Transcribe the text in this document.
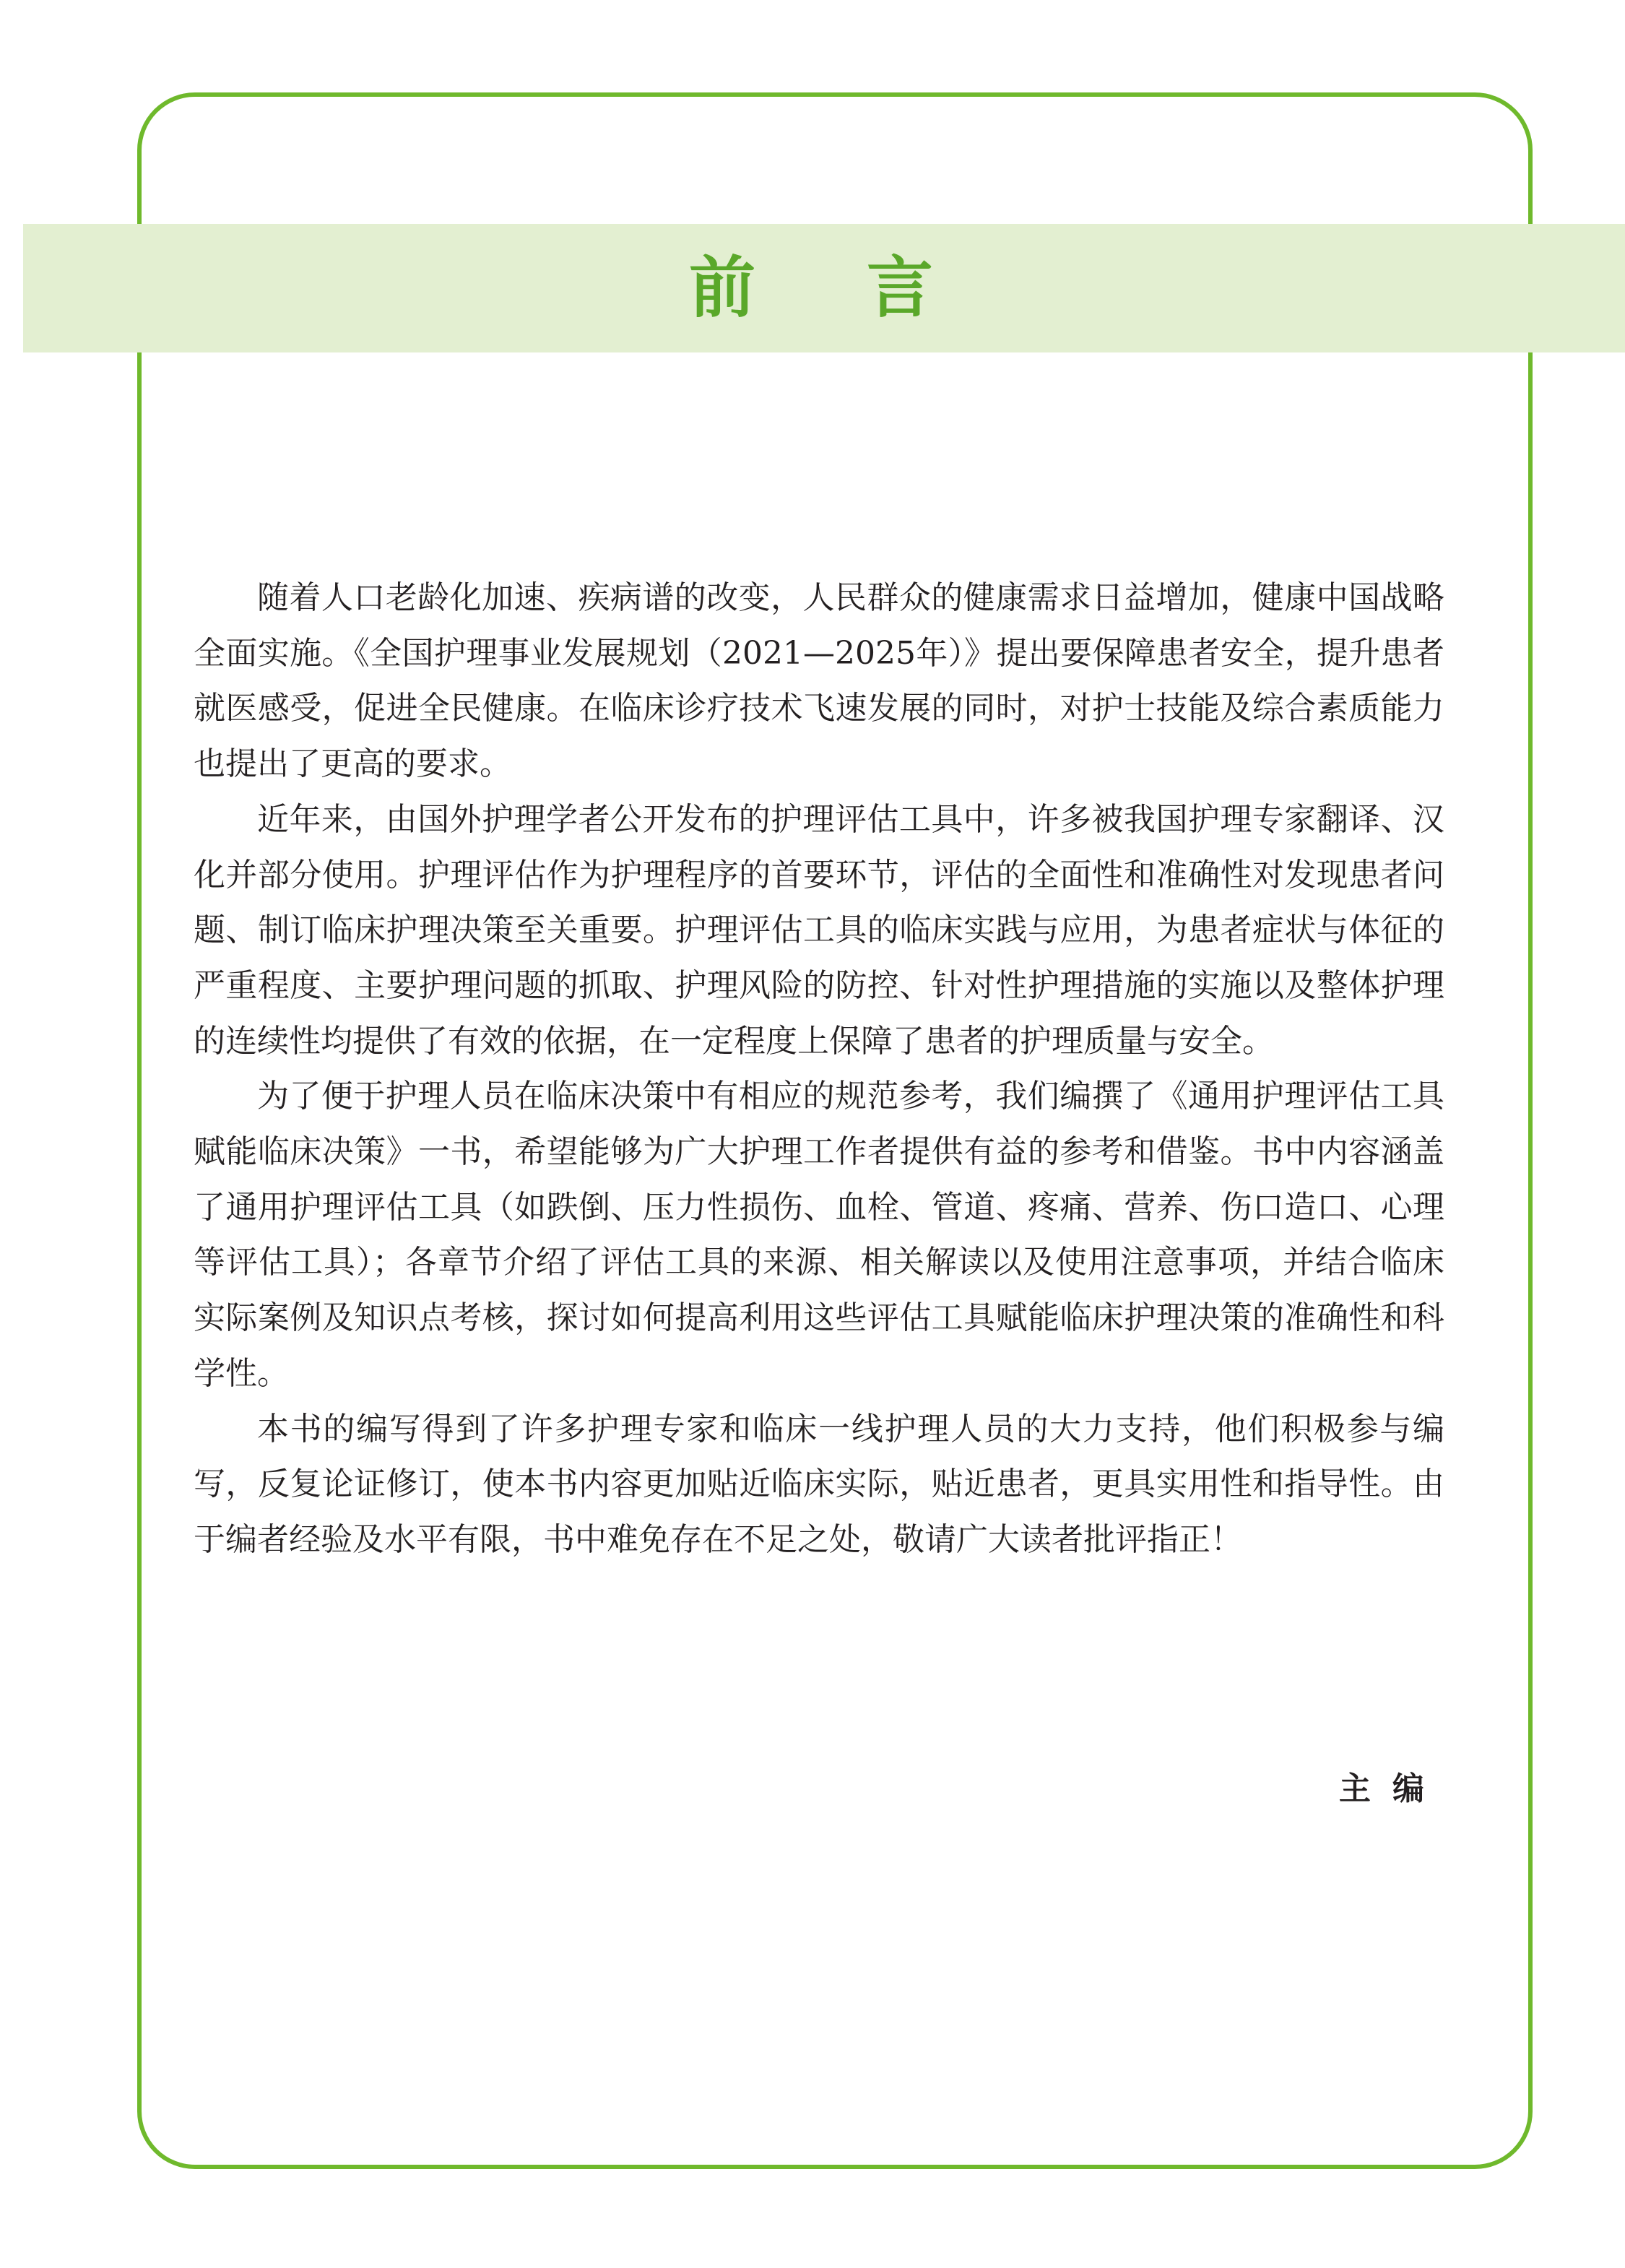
前 言

随着人口老龄化加速、疾病谱的改变，人民群众的健康需求日益增加，健康中国战略全面实施。《全国护理事业发展规划（2021—2025年）》提出要保障患者安全，提升患者就医感受，促进全民健康。在临床诊疗技术飞速发展的同时，对护士技能及综合素质能力也提出了更高的要求。

近年来，由国外护理学者公开发布的护理评估工具中，许多被我国护理专家翻译、汉化并部分使用。护理评估作为护理程序的首要环节，评估的全面性和准确性对发现患者问题、制订临床护理决策至关重要。护理评估工具的临床实践与应用，为患者症状与体征的严重程度、主要护理问题的抓取、护理风险的防控、针对性护理措施的实施以及整体护理的连续性均提供了有效的依据，在一定程度上保障了患者的护理质量与安全。

为了便于护理人员在临床决策中有相应的规范参考，我们编撰了《通用护理评估工具赋能临床决策》一书，希望能够为广大护理工作者提供有益的参考和借鉴。书中内容涵盖了通用护理评估工具（如跌倒、压力性损伤、血栓、管道、疼痛、营养、伤口造口、心理等评估工具）；各章节介绍了评估工具的来源、相关解读以及使用注意事项，并结合临床实际案例及知识点考核，探讨如何提高利用这些评估工具赋能临床护理决策的准确性和科学性。

本书的编写得到了许多护理专家和临床一线护理人员的大力支持，他们积极参与编写，反复论证修订，使本书内容更加贴近临床实际，贴近患者，更具实用性和指导性。由于编者经验及水平有限，书中难免存在不足之处，敬请广大读者批评指正！

主编
